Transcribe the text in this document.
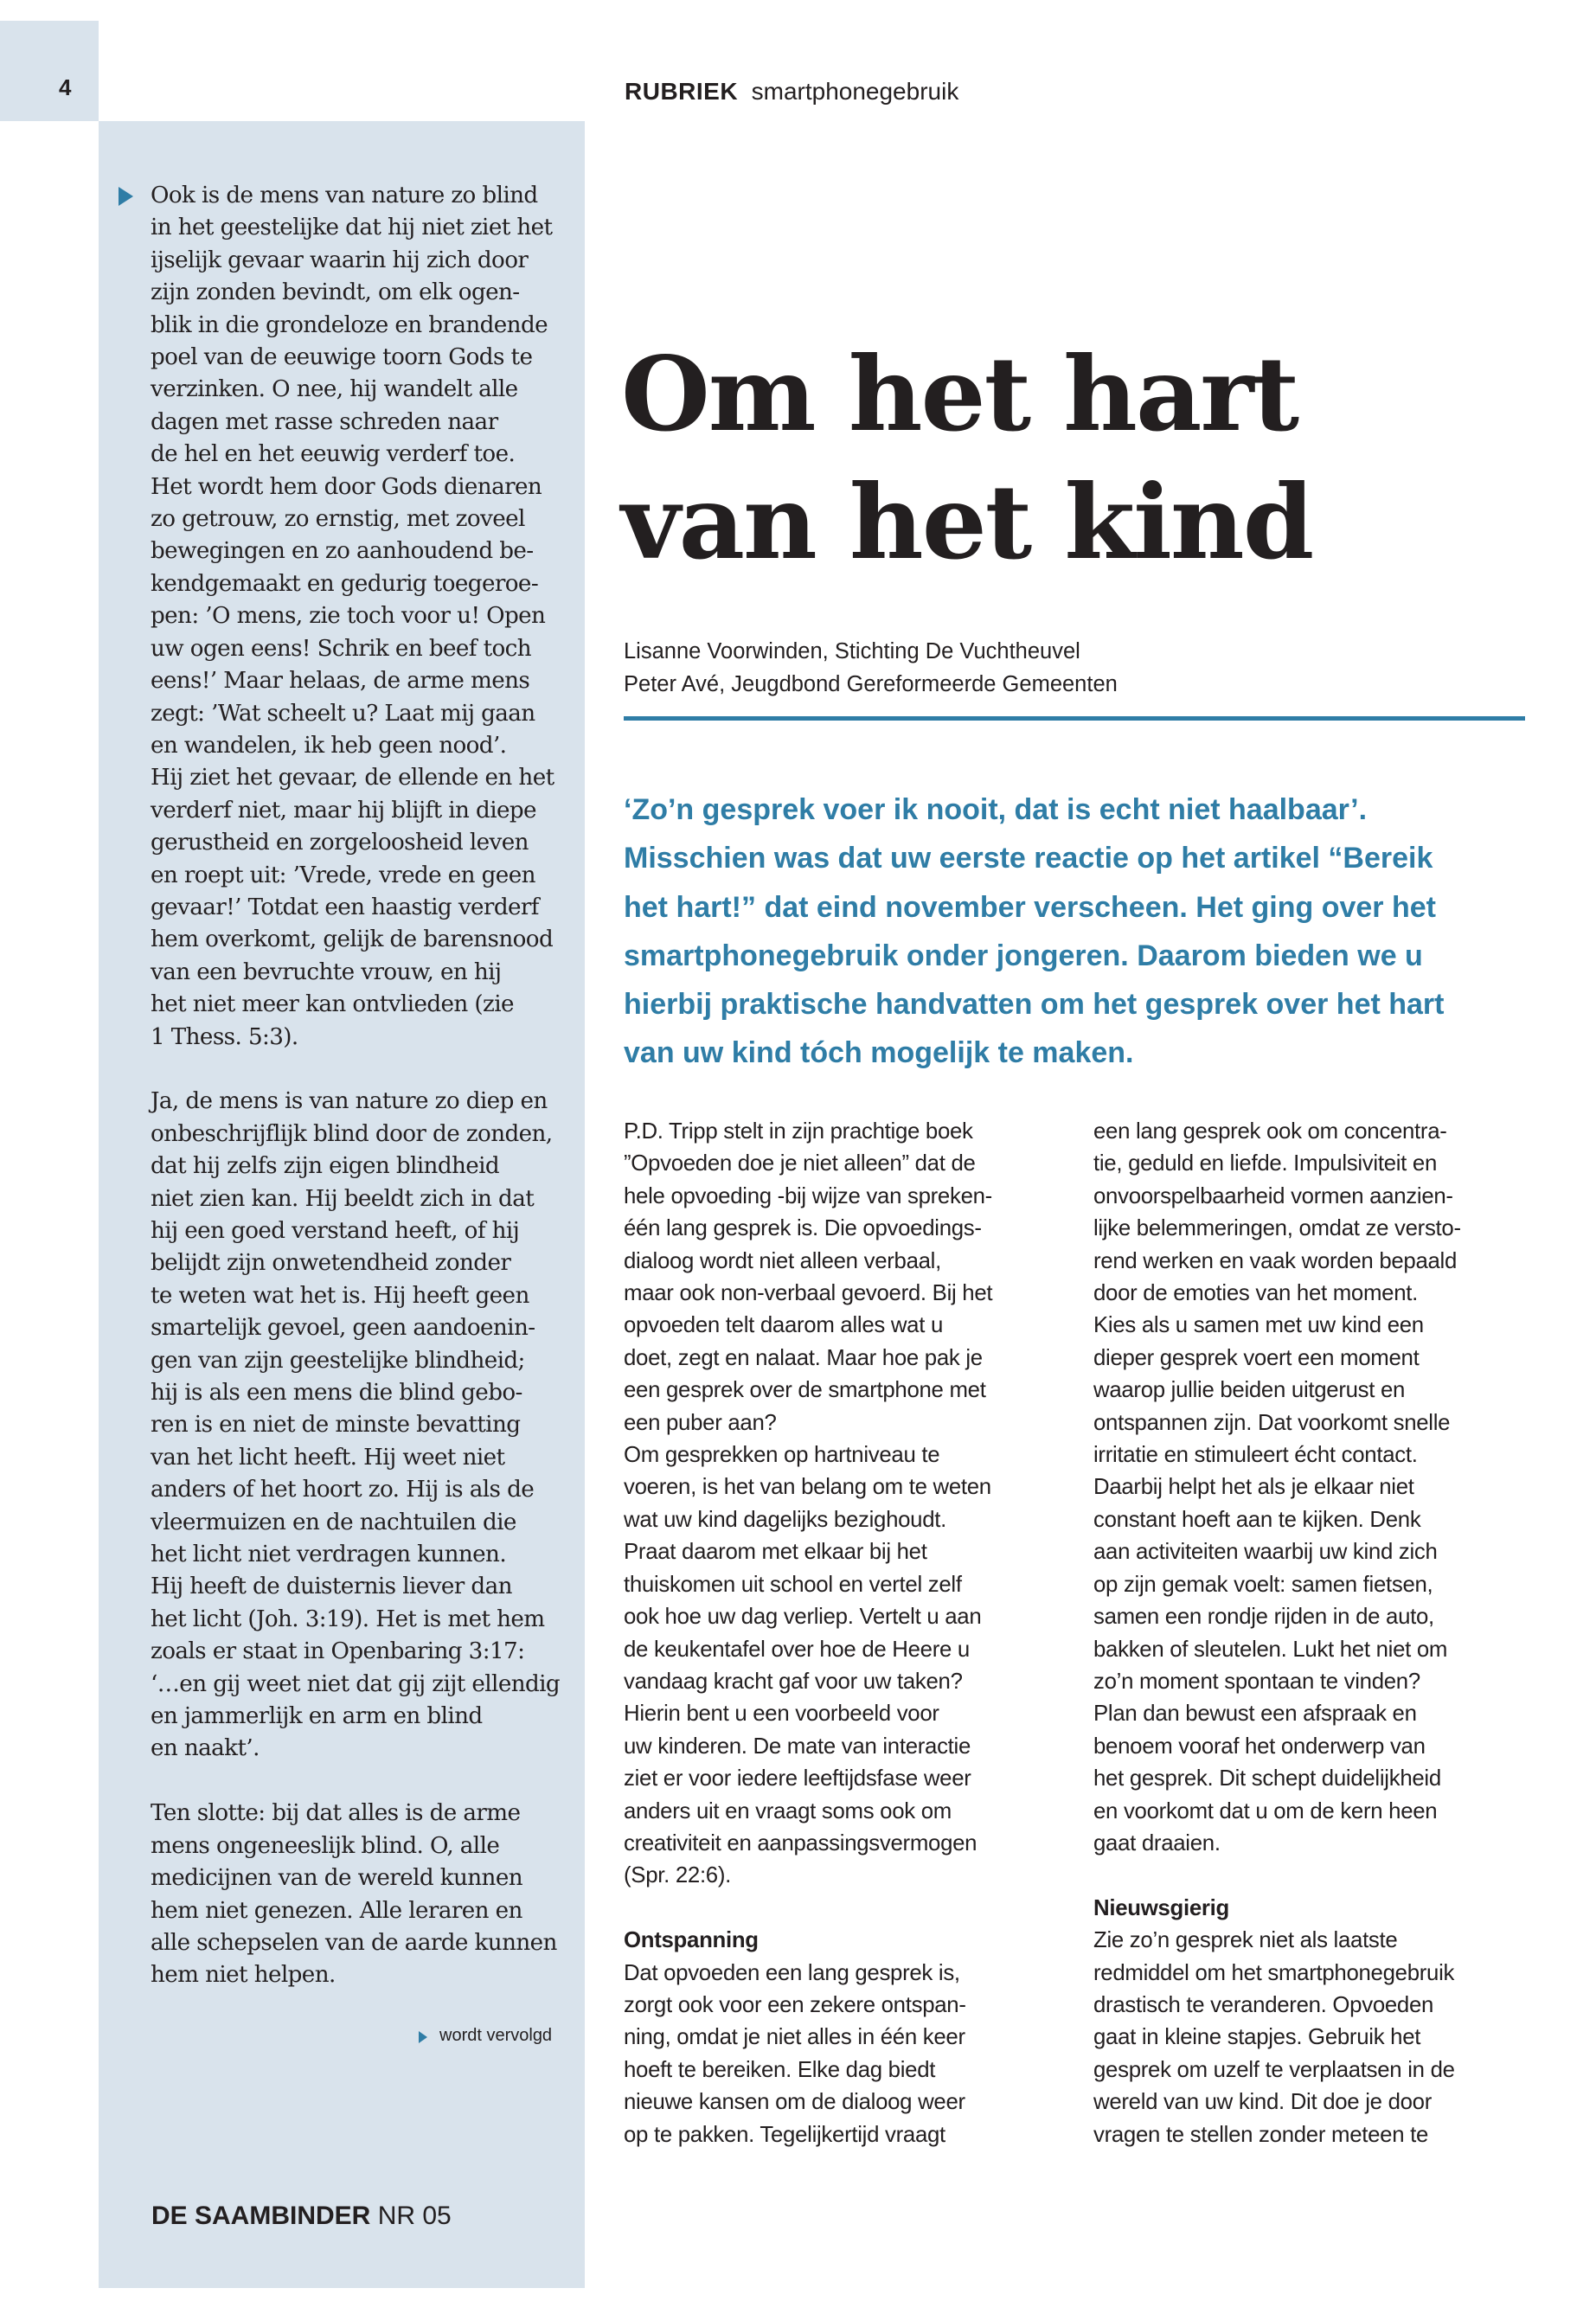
4

Ook is de mens van nature zo blind
in het geestelijke dat hij niet ziet het
ijselijk gevaar waarin hij zich door
zijn zonden bevindt, om elk ogen-
blik in die grondeloze en brandende
poel van de eeuwige toorn Gods te
verzinken. O nee, hij wandelt alle
dagen met rasse schreden naar
de hel en het eeuwig verderf toe.
Het wordt hem door Gods dienaren
zo getrouw, zo ernstig, met zoveel
bewegingen en zo aanhoudend be-
kendgemaakt en gedurig toegeroe-
pen: ’O mens, zie toch voor u! Open
uw ogen eens! Schrik en beef toch
eens!’ Maar helaas, de arme mens
zegt: ’Wat scheelt u? Laat mij gaan
en wandelen, ik heb geen nood’.
Hij ziet het gevaar, de ellende en het
verderf niet, maar hij blijft in diepe
gerustheid en zorgeloosheid leven
en roept uit: ’Vrede, vrede en geen
gevaar!’ Totdat een haastig verderf
hem overkomt, gelijk de barensnood
van een bevruchte vrouw, en hij
het niet meer kan ontvlieden (zie
1 Thess. 5:3).

Ja, de mens is van nature zo diep en
onbeschrijflijk blind door de zonden,
dat hij zelfs zijn eigen blindheid
niet zien kan. Hij beeldt zich in dat
hij een goed verstand heeft, of hij
belijdt zijn onwetendheid zonder
te weten wat het is. Hij heeft geen
smartelijk gevoel, geen aandoenin-
gen van zijn geestelijke blindheid;
hij is als een mens die blind gebo-
ren is en niet de minste bevatting
van het licht heeft. Hij weet niet
anders of het hoort zo. Hij is als de
vleermuizen en de nachtuilen die
het licht niet verdragen kunnen.
Hij heeft de duisternis liever dan
het licht (Joh. 3:19). Het is met hem
zoals er staat in Openbaring 3:17:
‘…en gij weet niet dat gij zijt ellendig
en jammerlijk en arm en blind
en naakt’.

Ten slotte: bij dat alles is de arme
mens ongeneeslijk blind. O, alle
medicijnen van de wereld kunnen
hem niet genezen. Alle leraren en
alle schepselen van de aarde kunnen
hem niet helpen.

wordt vervolgd
DE SAAMBINDER NR 05
RUBRIEK smartphonegebruik
Om het hart
van het kind
Lisanne Voorwinden, Stichting De Vuchtheuvel
Peter Avé, Jeugdbond Gereformeerde Gemeenten

‘Zo’n gesprek voer ik nooit, dat is echt niet haalbaar’.
Misschien was dat uw eerste reactie op het artikel “Bereik
het hart!” dat eind november verscheen. Het ging over het
smartphonegebruik onder jongeren. Daarom bieden we u
hierbij praktische handvatten om het gesprek over het hart
van uw kind tóch mogelijk te maken.

P.D. Tripp stelt in zijn prachtige boek
”Opvoeden doe je niet alleen” dat de
hele opvoeding -bij wijze van spreken-
één lang gesprek is. Die opvoedings-
dialoog wordt niet alleen verbaal,
maar ook non-verbaal gevoerd. Bij het
opvoeden telt daarom alles wat u
doet, zegt en nalaat. Maar hoe pak je
een gesprek over de smartphone met
een puber aan?

Om gesprekken op hartniveau te
voeren, is het van belang om te weten
wat uw kind dagelijks bezighoudt.
Praat daarom met elkaar bij het
thuiskomen uit school en vertel zelf
ook hoe uw dag verliep. Vertelt u aan
de keukentafel over hoe de Heere u
vandaag kracht gaf voor uw taken?
Hierin bent u een voorbeeld voor
uw kinderen. De mate van interactie
ziet er voor iedere leeftijdsfase weer
anders uit en vraagt soms ook om
creativiteit en aanpassingsvermogen
(Spr. 22:6).

Ontspanning

Dat opvoeden een lang gesprek is,
zorgt ook voor een zekere ontspan-
ning, omdat je niet alles in één keer
hoeft te bereiken. Elke dag biedt
nieuwe kansen om de dialoog weer
op te pakken. Tegelijkertijd vraagt

een lang gesprek ook om concentra-
tie, geduld en liefde. Impulsiviteit en
onvoorspelbaarheid vormen aanzien-
lijke belemmeringen, omdat ze versto-
rend werken en vaak worden bepaald
door de emoties van het moment.
Kies als u samen met uw kind een
dieper gesprek voert een moment
waarop jullie beiden uitgerust en
ontspannen zijn. Dat voorkomt snelle
irritatie en stimuleert écht contact.
Daarbij helpt het als je elkaar niet
constant hoeft aan te kijken. Denk
aan activiteiten waarbij uw kind zich
op zijn gemak voelt: samen fietsen,
samen een rondje rijden in de auto,
bakken of sleutelen. Lukt het niet om
zo’n moment spontaan te vinden?
Plan dan bewust een afspraak en
benoem vooraf het onderwerp van
het gesprek. Dit schept duidelijkheid
en voorkomt dat u om de kern heen
gaat draaien.

Nieuwsgierig

Zie zo’n gesprek niet als laatste
redmiddel om het smartphonegebruik
drastisch te veranderen. Opvoeden
gaat in kleine stapjes. Gebruik het
gesprek om uzelf te verplaatsen in de
wereld van uw kind. Dit doe je door
vragen te stellen zonder meteen te
